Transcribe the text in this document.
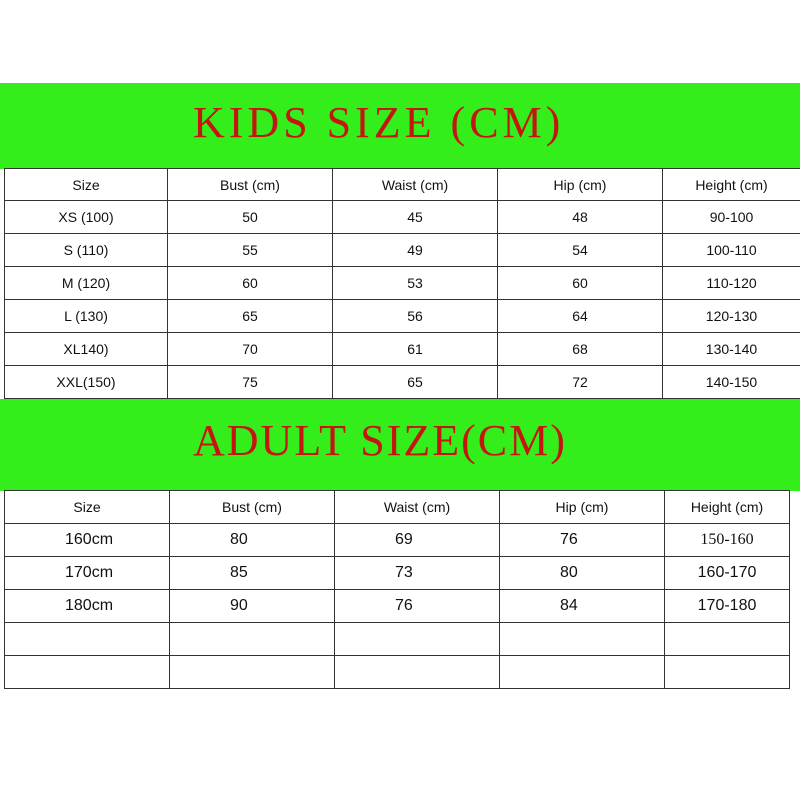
KIDS SIZE (CM)
Size	Bust (cm)	Waist (cm)	Hip (cm)	Height (cm)
XS (100)	50	45	48	90-100
S (110)	55	49	54	100-110
M (120)	60	53	60	110-120
L (130)	65	56	64	120-130
XL140)	70	61	68	130-140
XXL(150)	75	65	72	140-150
ADULT SIZE(CM)
Size	Bust (cm)	Waist (cm)	Hip (cm)	Height (cm)
160cm	80	69	76	150-160
170cm	85	73	80	160-170
180cm	90	76	84	170-180
